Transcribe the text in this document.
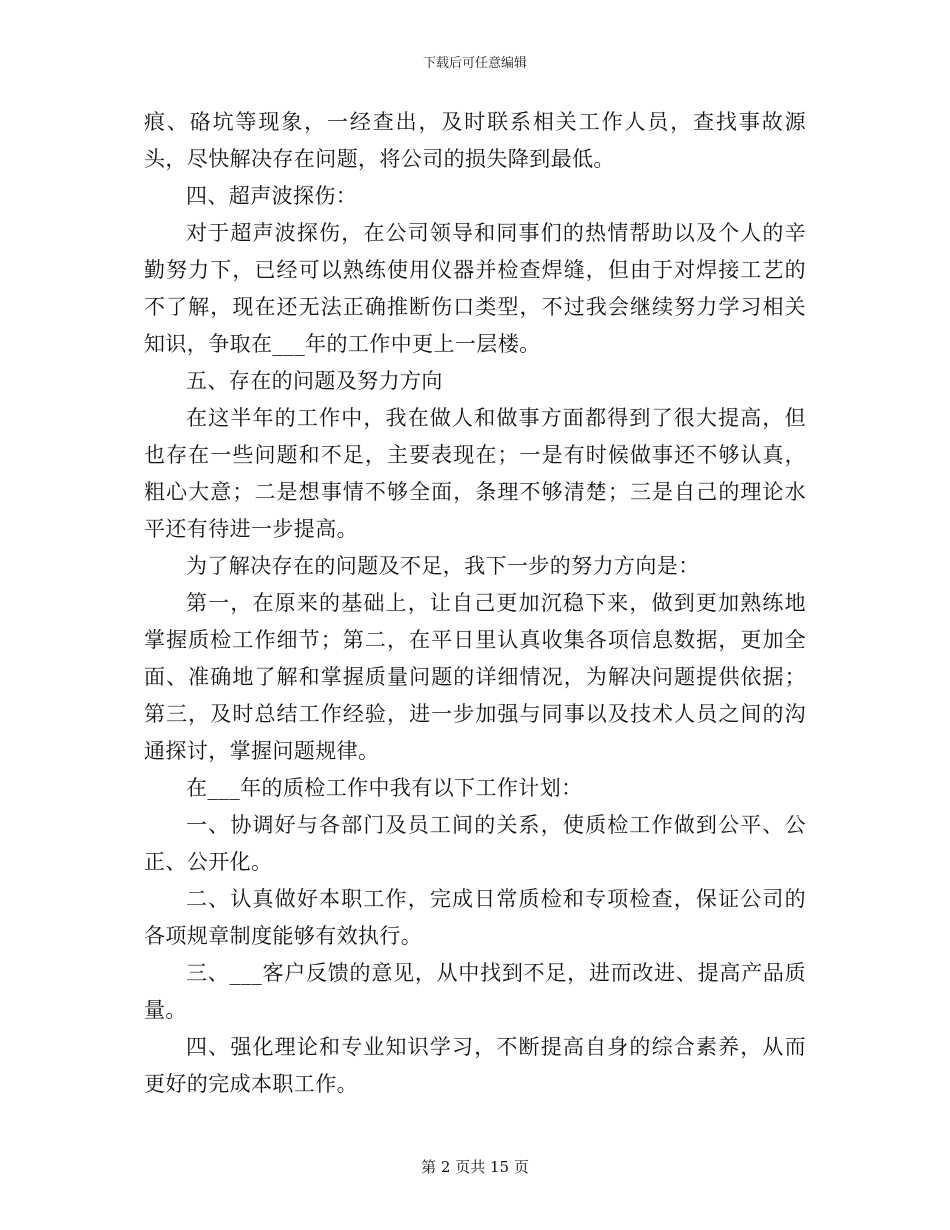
下载后可任意编辑

痕、硌坑等现象，一经查出，及时联系相关工作人员，查找事故源头，尽快解决存在问题，将公司的损失降到最低。

四、超声波探伤：

对于超声波探伤，在公司领导和同事们的热情帮助以及个人的辛勤努力下，已经可以熟练使用仪器并检查焊缝，但由于对焊接工艺的不了解，现在还无法正确推断伤口类型，不过我会继续努力学习相关知识，争取在___年的工作中更上一层楼。

五、存在的问题及努力方向

在这半年的工作中，我在做人和做事方面都得到了很大提高，但也存在一些问题和不足，主要表现在；一是有时候做事还不够认真，粗心大意；二是想事情不够全面，条理不够清楚；三是自己的理论水平还有待进一步提高。

为了解决存在的问题及不足，我下一步的努力方向是：

第一，在原来的基础上，让自己更加沉稳下来，做到更加熟练地掌握质检工作细节；第二，在平日里认真收集各项信息数据，更加全面、准确地了解和掌握质量问题的详细情况，为解决问题提供依据；第三，及时总结工作经验，进一步加强与同事以及技术人员之间的沟通探讨，掌握问题规律。

在___年的质检工作中我有以下工作计划：

一、协调好与各部门及员工间的关系，使质检工作做到公平、公正、公开化。

二、认真做好本职工作，完成日常质检和专项检查，保证公司的各项规章制度能够有效执行。

三、___客户反馈的意见，从中找到不足，进而改进、提高产品质量。

四、强化理论和专业知识学习，不断提高自身的综合素养，从而更好的完成本职工作。

第 2 页共 15 页
